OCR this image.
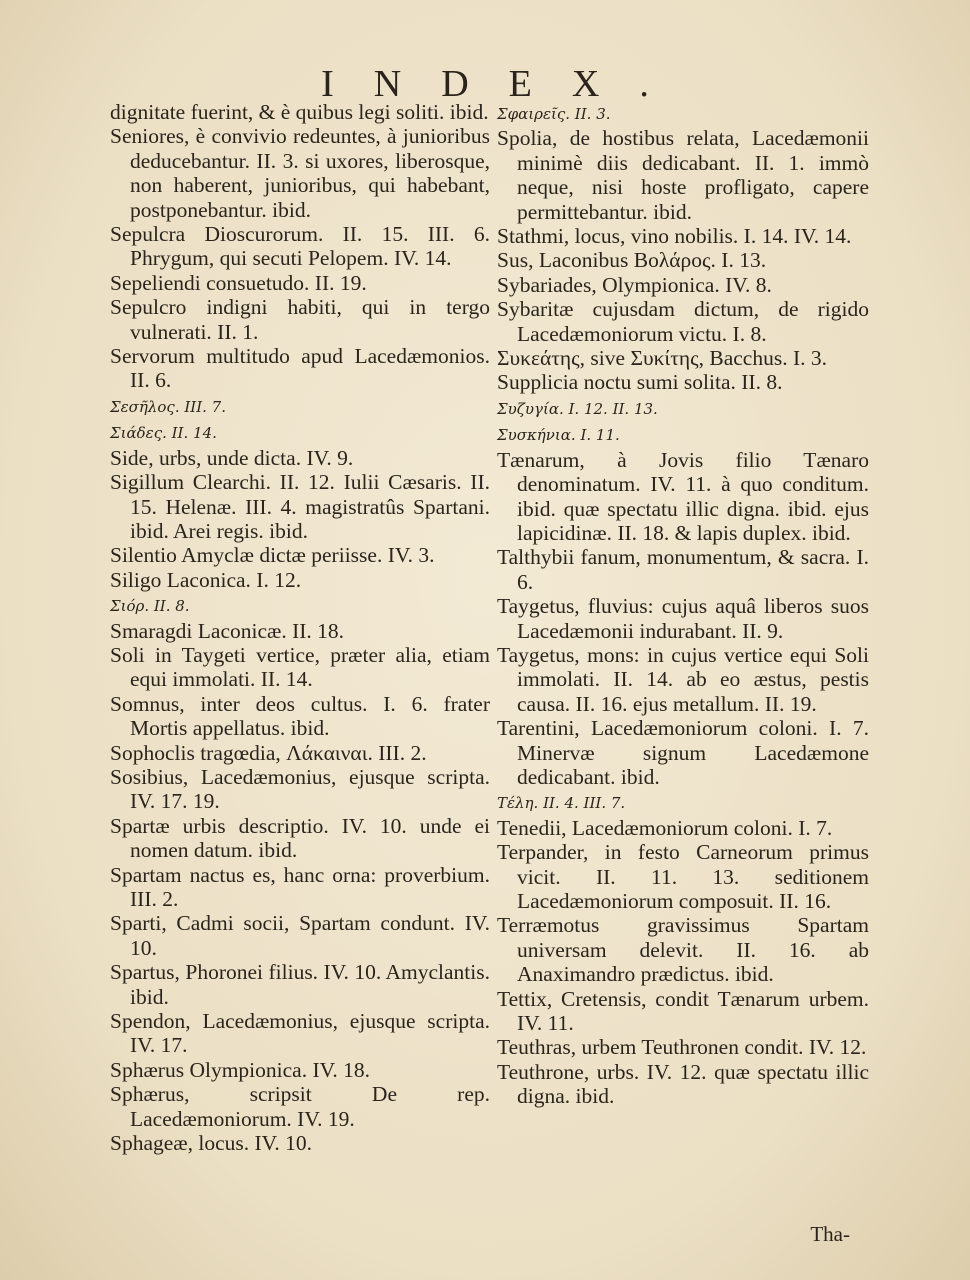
INDEX.
dignitate fuerint, & è quibus legi soliti. ibid.
Seniores, è convivio redeuntes, à junioribus deducebantur. II. 3. si uxores, liberosque, non haberent, junioribus, qui habebant, postponebantur. ibid.
Sepulcra Dioscurorum. II. 15. III. 6. Phrygum, qui secuti Pelopem. IV. 14.
Sepeliendi consuetudo. II. 19.
Sepulcro indigni habiti, qui in tergo vulnerati. II. 1.
Servorum multitudo apud Lacedæmonios. II. 6.
Σεσῆλος. III. 7.
Σιάδες. II. 14.
Side, urbs, unde dicta. IV. 9.
Sigillum Clearchi. II. 12. Iulii Cæsaris. II. 15. Helenæ. III. 4. magistratûs Spartani. ibid. Arei regis. ibid.
Silentio Amyclæ dictæ periisse. IV. 3.
Siligo Laconica. I. 12.
Σιόρ. II. 8.
Smaragdi Laconicæ. II. 18.
Soli in Taygeti vertice, præter alia, etiam equi immolati. II. 14.
Somnus, inter deos cultus. I. 6. frater Mortis appellatus. ibid.
Sophoclis tragœdia, Λάκαιναι. III. 2.
Sosibius, Lacedæmonius, ejusque scripta. IV. 17. 19.
Spartæ urbis descriptio. IV. 10. unde ei nomen datum. ibid.
Spartam nactus es, hanc orna: proverbium. III. 2.
Sparti, Cadmi socii, Spartam condunt. IV. 10.
Spartus, Phoronei filius. IV. 10. Amyclantis. ibid.
Spendon, Lacedæmonius, ejusque scripta. IV. 17.
Sphærus Olympionica. IV. 18.
Sphærus, scripsit De rep. Lacedæmoniorum. IV. 19.
Sphageæ, locus. IV. 10.
Σφαιρεῖς. II. 3.
Spolia, de hostibus relata, Lacedæmonii minimè diis dedicabant. II. 1. immò neque, nisi hoste profligato, capere permittebantur. ibid.
Stathmi, locus, vino nobilis. I. 14. IV. 14.
Sus, Laconibus Βολάρος. I. 13.
Sybariades, Olympionica. IV. 8.
Sybaritæ cujusdam dictum, de rigido Lacedæmoniorum victu. I. 8.
Συκεάτης, sive Συκίτης, Bacchus. I. 3.
Supplicia noctu sumi solita. II. 8.
Συζυγία. I. 12. II. 13.
Συσκήνια. I. 11.
Tænarum, à Jovis filio Tænaro denominatum. IV. 11. à quo conditum. ibid. quæ spectatu illic digna. ibid. ejus lapicidinæ. II. 18. & lapis duplex. ibid.
Talthybii fanum, monumentum, & sacra. I. 6.
Taygetus, fluvius: cujus aquâ liberos suos Lacedæmonii indurabant. II. 9.
Taygetus, mons: in cujus vertice equi Soli immolati. II. 14. ab eo æstus, pestis causa. II. 16. ejus metallum. II. 19.
Tarentini, Lacedæmoniorum coloni. I. 7. Minervæ signum Lacedæmone dedicabant. ibid.
Τέλη. II. 4. III. 7.
Tenedii, Lacedæmoniorum coloni. I. 7.
Terpander, in festo Carneorum primus vicit. II. 11. 13. seditionem Lacedæmoniorum composuit. II. 16.
Terræmotus gravissimus Spartam universam delevit. II. 16. ab Anaximandro prædictus. ibid.
Tettix, Cretensis, condit Tænarum urbem. IV. 11.
Teuthras, urbem Teuthronen condit. IV. 12.
Teuthrone, urbs. IV. 12. quæ spectatu illic digna. ibid.
Tha-
